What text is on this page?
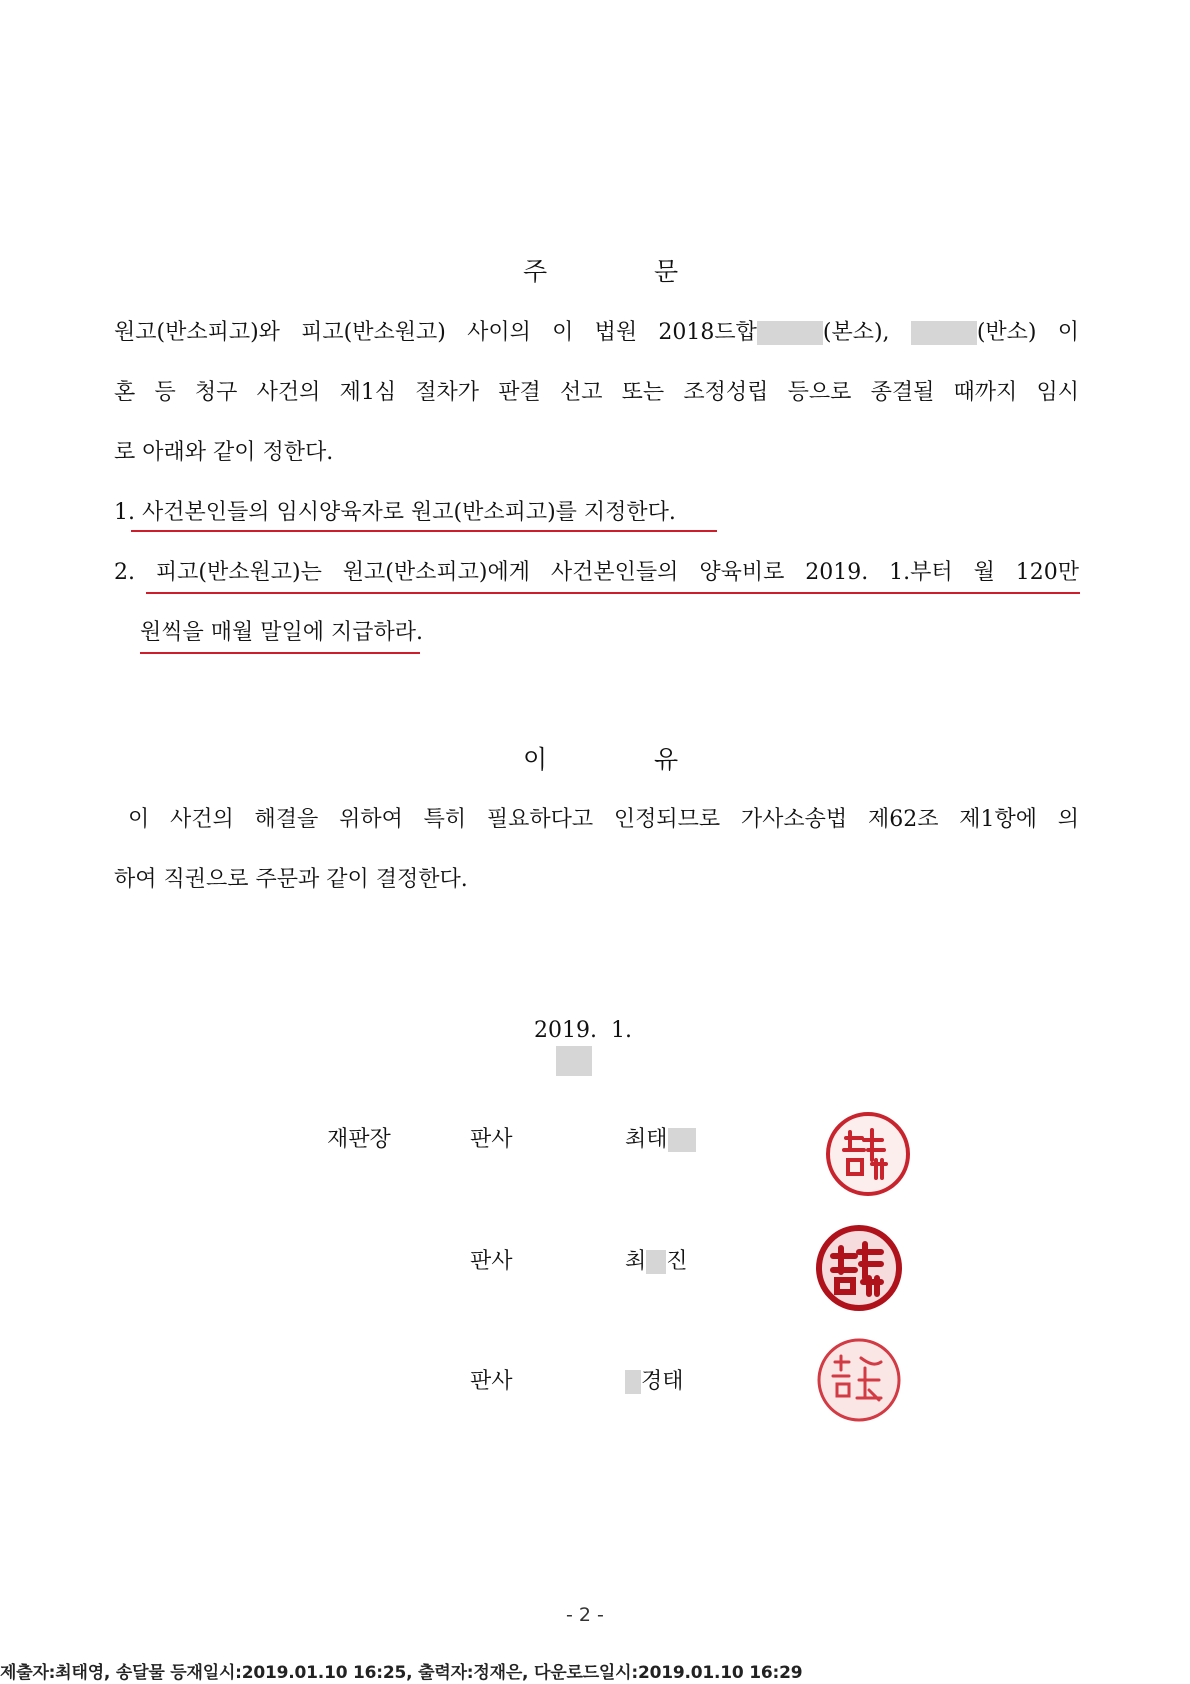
주	문
원고(반소피고)와 피고(반소원고) 사이의 이 법원 2018드합	(본소),	(반소) 이
혼 등 청구 사건의 제1심 절차가 판결 선고 또는 조정성립 등으로 종결될 때까지 임시
로 아래와 같이 정한다.
1. 사건본인들의 임시양육자로 원고(반소피고)를 지정한다.
2. 피고(반소원고)는 원고(반소피고)에게 사건본인들의 양육비로 2019. 1.부터 월 120만
원씩을 매월 말일에 지급하라.
이	유
이 사건의 해결을 위하여 특히 필요하다고 인정되므로 가사소송법 제62조 제1항에 의
하여 직권으로 주문과 같이 결정한다.

2019.  1.

재판장	판사	최태
판사	최 진
판사	경태
- 2 -
제출자:최태영, 송달물 등재일시:2019.01.10 16:25, 출력자:정재은, 다운로드일시:2019.01.10 16:29
